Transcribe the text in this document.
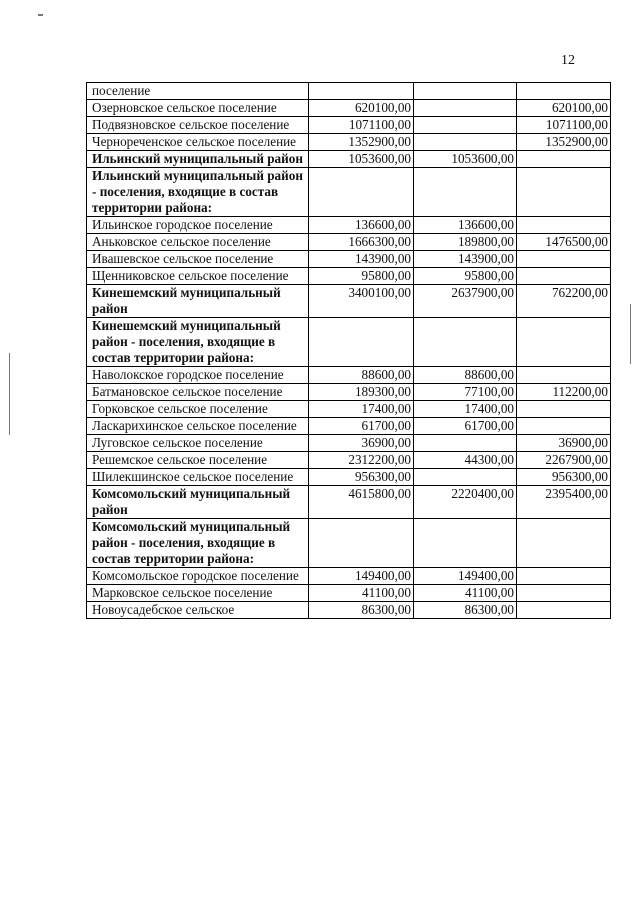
12
поселение			
Озерновское сельское поселение	620100,00		620100,00
Подвязновское сельское поселение	1071100,00		1071100,00
Чернореченское сельское поселение	1352900,00		1352900,00
Ильинский муниципальный район	1053600,00	1053600,00	
Ильинский муниципальный район - поселения, входящие в состав территории района:			
Ильинское городское поселение	136600,00	136600,00	
Аньковское сельское поселение	1666300,00	189800,00	1476500,00
Ивашевское сельское поселение	143900,00	143900,00	
Щенниковское сельское поселение	95800,00	95800,00	
Кинешемский муниципальный район	3400100,00	2637900,00	762200,00
Кинешемский муниципальный район - поселения, входящие в состав территории района:			
Наволокское городское поселение	88600,00	88600,00	
Батмановское сельское поселение	189300,00	77100,00	112200,00
Горковское сельское поселение	17400,00	17400,00	
Ласкарихинское сельское поселение	61700,00	61700,00	
Луговское сельское поселение	36900,00		36900,00
Решемское сельское поселение	2312200,00	44300,00	2267900,00
Шилекшинское сельское поселение	956300,00		956300,00
Комсомольский муниципальный район	4615800,00	2220400,00	2395400,00
Комсомольский муниципальный район - поселения, входящие в состав территории района:			
Комсомольское городское поселение	149400,00	149400,00	
Марковское сельское поселение	41100,00	41100,00	
Новоусадебское сельское	86300,00	86300,00	
